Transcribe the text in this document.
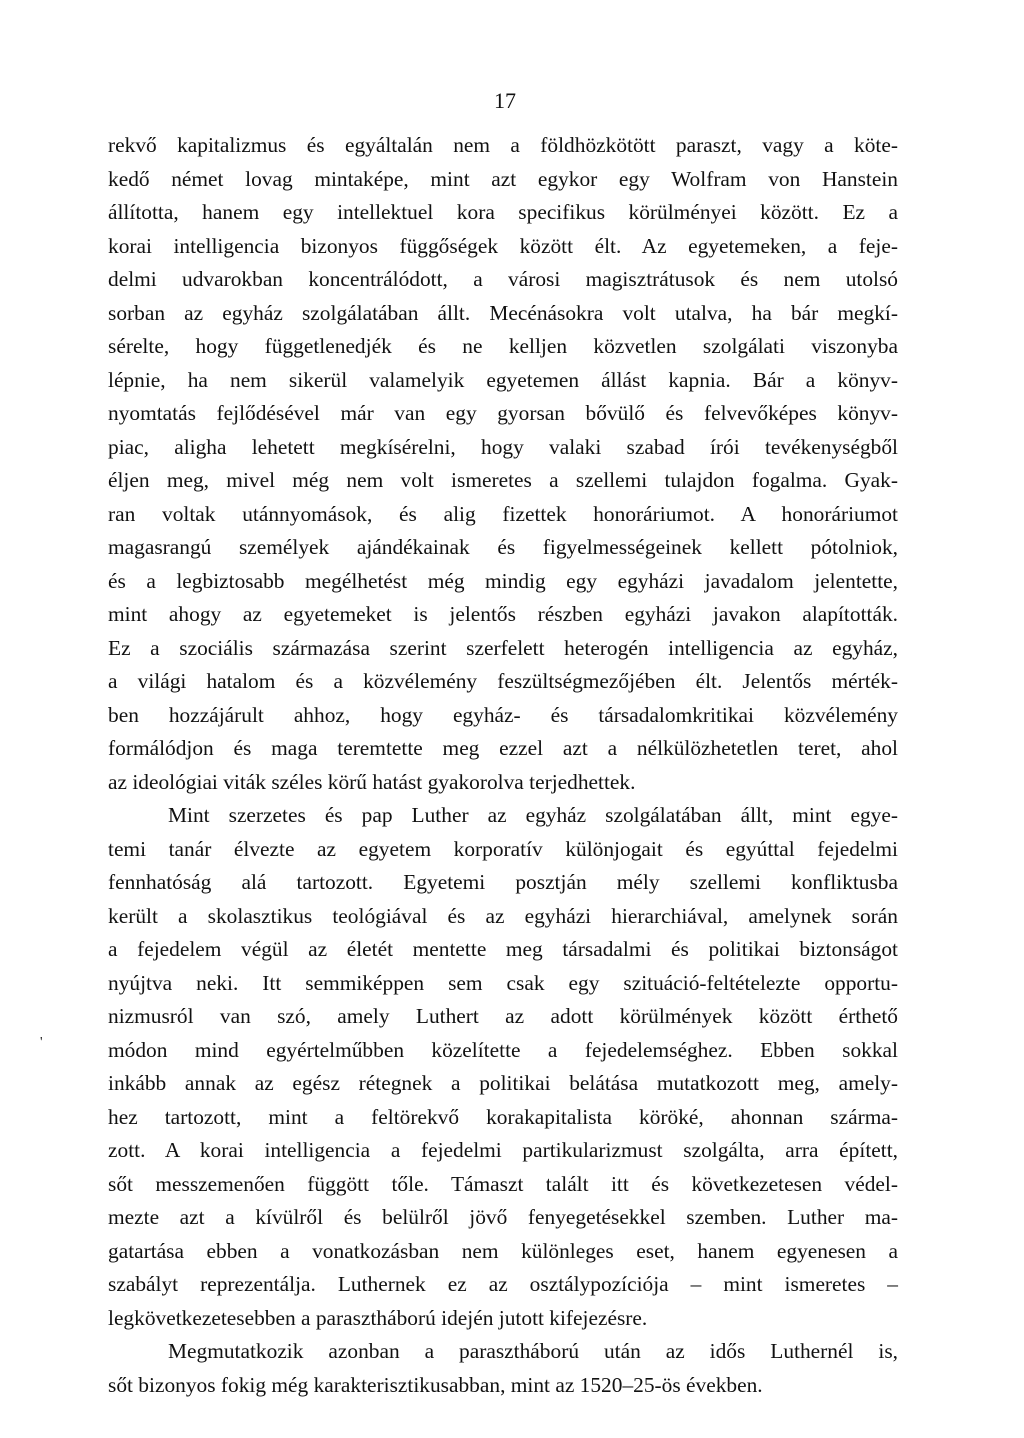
17
rekvő kapitalizmus és egyáltalán nem a földhözkötött paraszt, vagy a köte-
kedő német lovag mintaképe, mint azt egykor egy Wolfram von Hanstein
állította, hanem egy intellektuel kora specifikus körülményei között. Ez a
korai intelligencia bizonyos függőségek között élt. Az egyetemeken, a feje-
delmi udvarokban koncentrálódott, a városi magisztrátusok és nem utolsó
sorban az egyház szolgálatában állt. Mecénásokra volt utalva, ha bár megkí-
sérelte, hogy függetlenedjék és ne kelljen közvetlen szolgálati viszonyba
lépnie, ha nem sikerül valamelyik egyetemen állást kapnia. Bár a könyv-
nyomtatás fejlődésével már van egy gyorsan bővülő és felvevőképes könyv-
piac, aligha lehetett megkísérelni, hogy valaki szabad írói tevékenységből
éljen meg, mivel még nem volt ismeretes a szellemi tulajdon fogalma. Gyak-
ran voltak utánnyomások, és alig fizettek honoráriumot. A honoráriumot
magasrangú személyek ajándékainak és figyelmességeinek kellett pótolniok,
és a legbiztosabb megélhetést még mindig egy egyházi javadalom jelentette,
mint ahogy az egyetemeket is jelentős részben egyházi javakon alapították.
Ez a szociális származása szerint szerfelett heterogén intelligencia az egyház,
a világi hatalom és a közvélemény feszültségmezőjében élt. Jelentős mérték-
ben hozzájárult ahhoz, hogy egyház- és társadalomkritikai közvélemény
formálódjon és maga teremtette meg ezzel azt a nélkülözhetetlen teret, ahol
az ideológiai viták széles körű hatást gyakorolva terjedhettek.
Mint szerzetes és pap Luther az egyház szolgálatában állt, mint egye-
temi tanár élvezte az egyetem korporatív különjogait és egyúttal fejedelmi
fennhatóság alá tartozott. Egyetemi posztján mély szellemi konfliktusba
került a skolasztikus teológiával és az egyházi hierarchiával, amelynek során
a fejedelem végül az életét mentette meg társadalmi és politikai biztonságot
nyújtva neki. Itt semmiképpen sem csak egy szituáció-feltételezte opportu-
nizmusról van szó, amely Luthert az adott körülmények között érthető
módon mind egyértelműbben közelítette a fejedelemséghez. Ebben sokkal
inkább annak az egész rétegnek a politikai belátása mutatkozott meg, amely-
hez tartozott, mint a feltörekvő korakapitalista köröké, ahonnan szárma-
zott. A korai intelligencia a fejedelmi partikularizmust szolgálta, arra épített,
sőt messzemenően függött tőle. Támaszt talált itt és következetesen védel-
mezte azt a kívülről és belülről jövő fenyegetésekkel szemben. Luther ma-
gatartása ebben a vonatkozásban nem különleges eset, hanem egyenesen a
szabályt reprezentálja. Luthernek ez az osztálypozíciója – mint ismeretes –
legkövetkezetesebben a parasztháború idején jutott kifejezésre.
Megmutatkozik azonban a parasztháború után az idős Luthernél is,
sőt bizonyos fokig még karakterisztikusabban, mint az 1520–25-ös években.
'
